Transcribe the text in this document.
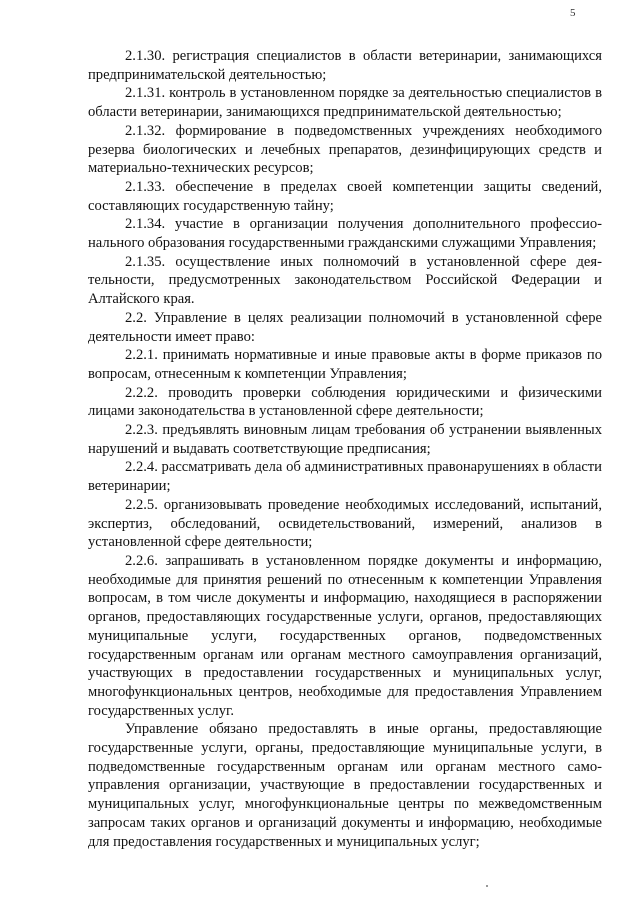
5

2.1.30. регистрация специалистов в области ветеринарии, занимающихся предпринимательской деятельностью;

2.1.31. контроль в установленном порядке за деятельностью специалистов в области ветеринарии, занимающихся предпринимательской деятельностью;

2.1.32. формирование в подведомственных учреждениях необходимого резерва биологических и лечебных препаратов, дезинфицирующих средств и материально-технических ресурсов;

2.1.33. обеспечение в пределах своей компетенции защиты сведений, составляющих государственную тайну;

2.1.34. участие в организации получения дополнительного профессионального образования государственными гражданскими служащими Управления;

2.1.35. осуществление иных полномочий в установленной сфере деятельности, предусмотренных законодательством Российской Федерации и Алтайского края.

2.2. Управление в целях реализации полномочий в установленной сфере деятельности имеет право:

2.2.1. принимать нормативные и иные правовые акты в форме приказов по вопросам, отнесенным к компетенции Управления;

2.2.2. проводить проверки соблюдения юридическими и физическими лицами законодательства в установленной сфере деятельности;

2.2.3. предъявлять виновным лицам требования об устранении выявленных нарушений и выдавать соответствующие предписания;

2.2.4. рассматривать дела об административных правонарушениях в области ветеринарии;

2.2.5. организовывать проведение необходимых исследований, испытаний, экспертиз, обследований, освидетельствований, измерений, анализов в установленной сфере деятельности;

2.2.6. запрашивать в установленном порядке документы и информацию, необходимые для принятия решений по отнесенным к компетенции Управления вопросам, в том числе документы и информацию, находящиеся в распоряжении органов, предоставляющих государственные услуги, органов, предоставляющих муниципальные услуги, государственных органов, подведомственных государственным органам или органам местного самоуправления организаций, участвующих в предоставлении государственных и муниципальных услуг, многофункциональных центров, необходимые для предоставления Управлением государственных услуг.

Управление обязано предоставлять в иные органы, предоставляющие государственные услуги, органы, предоставляющие муниципальные услуги, в подведомственные государственным органам или органам местного самоуправления организации, участвующие в предоставлении государственных и муниципальных услуг, многофункциональные центры по межведомственным запросам таких органов и организаций документы и информацию, необходимые для предоставления государственных и муниципальных услуг;
